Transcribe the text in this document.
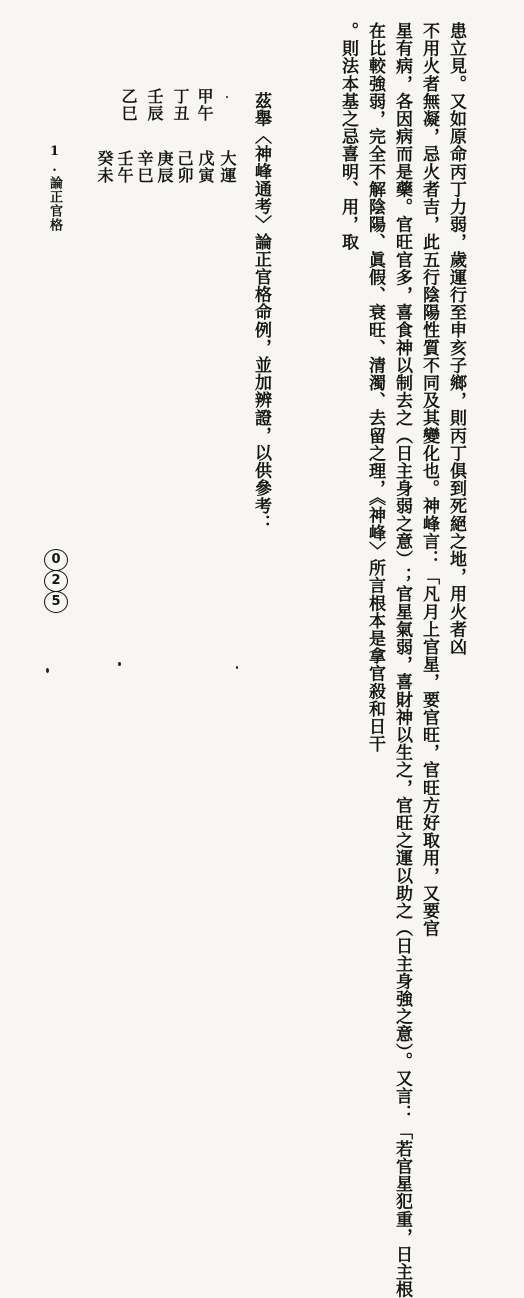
患立見。又如原命丙丁力弱，歲運行至申亥子鄉，則丙丁俱到死絕之地，用火者凶
不用火者無凝，忌火者吉，此五行陰陽性質不同及其變化也。神峰言：「凡月上官星，要官旺，官旺方好取用，又要官
星有病，各因病而是藥。官旺官多，喜食神以制去之（日主身弱之意）；官星氣弱，喜財神以生之，官旺之運以助之（日主身強之意）。又言：「若官星犯重，日主根
在比較強弱，完全不解陰陽、眞假、衰旺、清濁、去留之理，《神峰〉所言根本是拿官殺和日干
。則法本基之忌喜明、用，取
茲舉〈神峰通考〉論正官格命例，並加辨證，以供參考：
甲午
丁丑
壬辰
乙巳
大運
戊寅
己卯
庚辰
辛巳
壬午
癸未
1.論正官格
0
2
5
